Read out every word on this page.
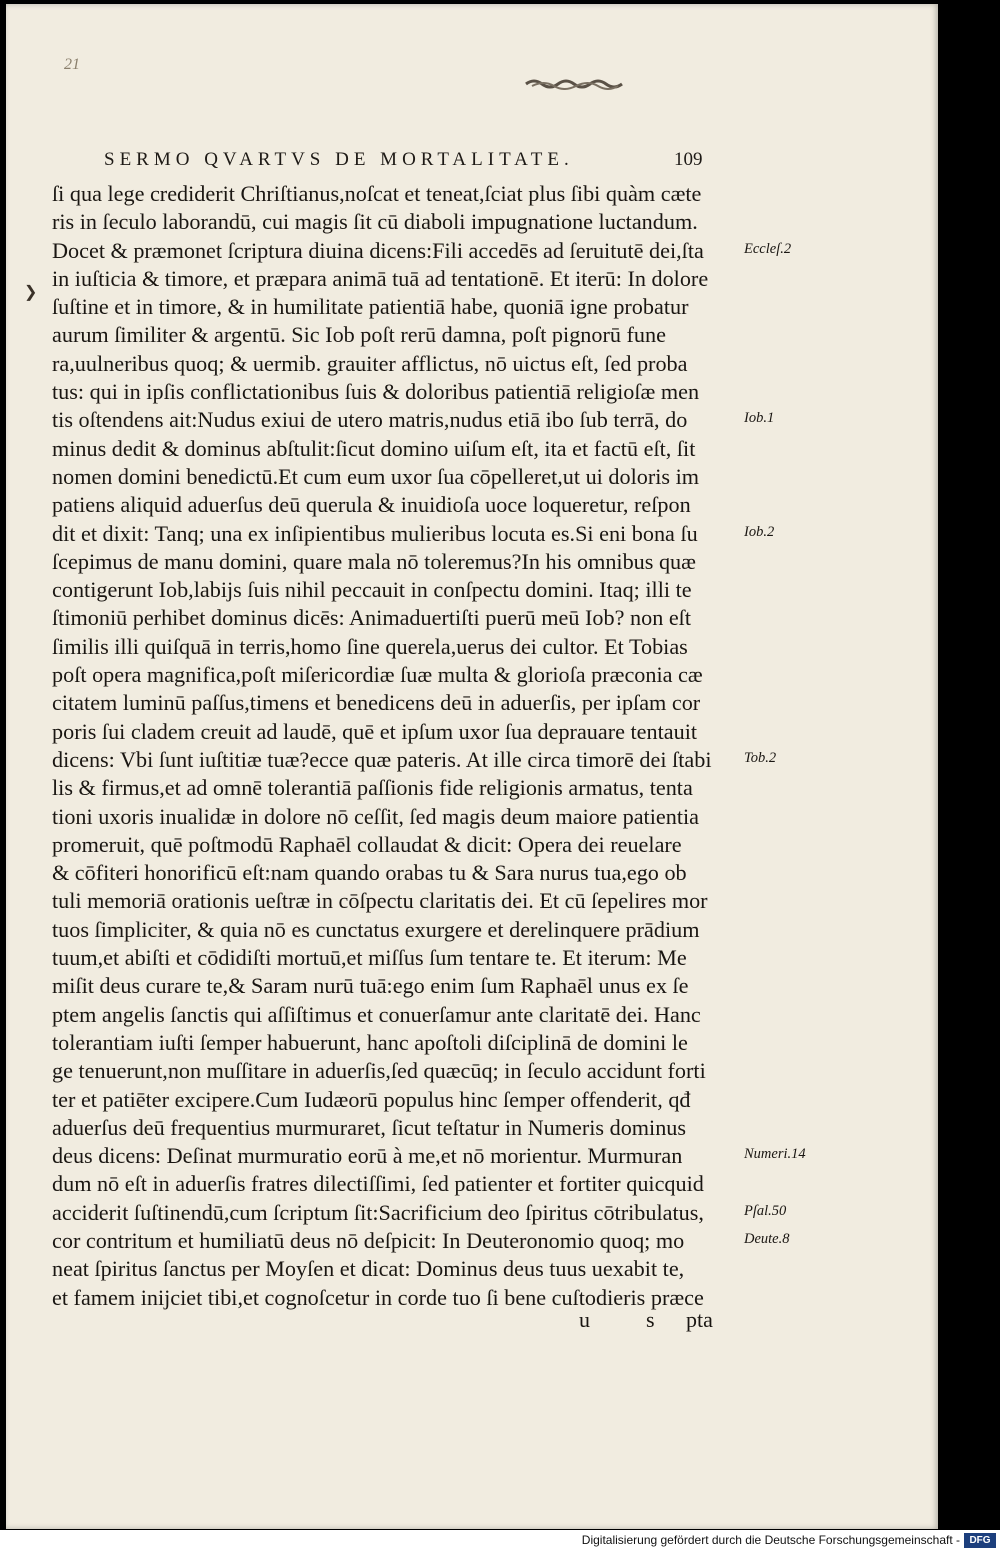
21
❯
SERMO QVARTVS DE MORTALITATE.	109
ſi qua lege crediderit Chriſtianus,noſcat et teneat,ſciat plus ſibi quàm cæte
ris in ſeculo laborandū, cui magis ſit cū diaboli impugnatione luctandum.
Docet & præmonet ſcriptura diuina dicens:Fili accedēs ad ſeruitutē dei,ſta
in iuſticia & timore, et præpara animā tuā ad tentationē. Et iterū: In dolore
ſuſtine et in timore, & in humilitate patientiā habe, quoniā igne probatur
aurum ſimiliter & argentū. Sic Iob poſt rerū damna, poſt pignorū fune
ra,uulneribus quoq; & uermib. grauiter afflictus, nō uictus eſt, ſed proba
tus: qui in ipſis conflictationibus ſuis & doloribus patientiā religioſæ men
tis oſtendens ait:Nudus exiui de utero matris,nudus etiā ibo ſub terrā, do
minus dedit & dominus abſtulit:ſicut domino uiſum eſt, ita et factū eſt, ſit
nomen domini benedictū.Et cum eum uxor ſua cōpelleret,ut ui doloris im
patiens aliquid aduerſus deū querula & inuidioſa uoce loqueretur, reſpon
dit et dixit: Tanq; una ex inſipientibus mulieribus locuta es.Si eni bona ſu
ſcepimus de manu domini, quare mala nō toleremus?In his omnibus quæ
contigerunt Iob,labijs ſuis nihil peccauit in conſpectu domini. Itaq; illi te
ſtimoniū perhibet dominus dicēs: Animaduertiſti puerū meū Iob? non eſt
ſimilis illi quiſquā in terris,homo ſine querela,uerus dei cultor. Et Tobias
poſt opera magnifica,poſt miſericordiæ ſuæ multa & glorioſa præconia cæ
citatem luminū paſſus,timens et benedicens deū in aduerſis, per ipſam cor
poris ſui cladem creuit ad laudē, quē et ipſum uxor ſua deprauare tentauit
dicens: Vbi ſunt iuſtitiæ tuæ?ecce quæ pateris. At ille circa timorē dei ſtabi
lis & firmus,et ad omnē tolerantiā paſſionis fide religionis armatus, tenta
tioni uxoris inualidæ in dolore nō ceſſit, ſed magis deum maiore patientia
promeruit, quē poſtmodū Raphaēl collaudat & dicit: Opera dei reuelare
& cōfiteri honorificū eſt:nam quando orabas tu & Sara nurus tua,ego ob
tuli memoriā orationis ueſtræ in cōſpectu claritatis dei. Et cū ſepelires mor
tuos ſimpliciter, & quia nō es cunctatus exurgere et derelinquere prādium
tuum,et abiſti et cōdidiſti mortuū,et miſſus ſum tentare te. Et iterum: Me
miſit deus curare te,& Saram nurū tuā:ego enim ſum Raphaēl unus ex ſe
ptem angelis ſanctis qui aſſiſtimus et conuerſamur ante claritatē dei. Hanc
tolerantiam iuſti ſemper habuerunt, hanc apoſtoli diſciplinā de domini le
ge tenuerunt,non muſſitare in aduerſis,ſed quæcūq; in ſeculo accidunt forti
ter et patiēter excipere.Cum Iudæorū populus hinc ſemper offenderit, qđ
aduerſus deū frequentius murmuraret, ſicut teſtatur in Numeris dominus
deus dicens: Deſinat murmuratio eorū à me,et nō morientur. Murmuran
dum nō eſt in aduerſis fratres dilectiſſimi, ſed patienter et fortiter quicquid
acciderit ſuſtinendū,cum ſcriptum ſit:Sacrificium deo ſpiritus cōtribulatus,
cor contritum et humiliatū deus nō deſpicit: In Deuteronomio quoq; mo
neat ſpiritus ſanctus per Moyſen et dicat: Dominus deus tuus uexabit te,
et famem inijciet tibi,et cognoſcetur in corde tuo ſi bene cuſtodieris præce
Eccleſ.2
Iob.1
Iob.2
Tob.2
Numeri.14
Pſal.50
Deute.8
u	s pta
Digitalisierung gefördert durch die Deutsche Forschungsgemeinschaft - DFG
